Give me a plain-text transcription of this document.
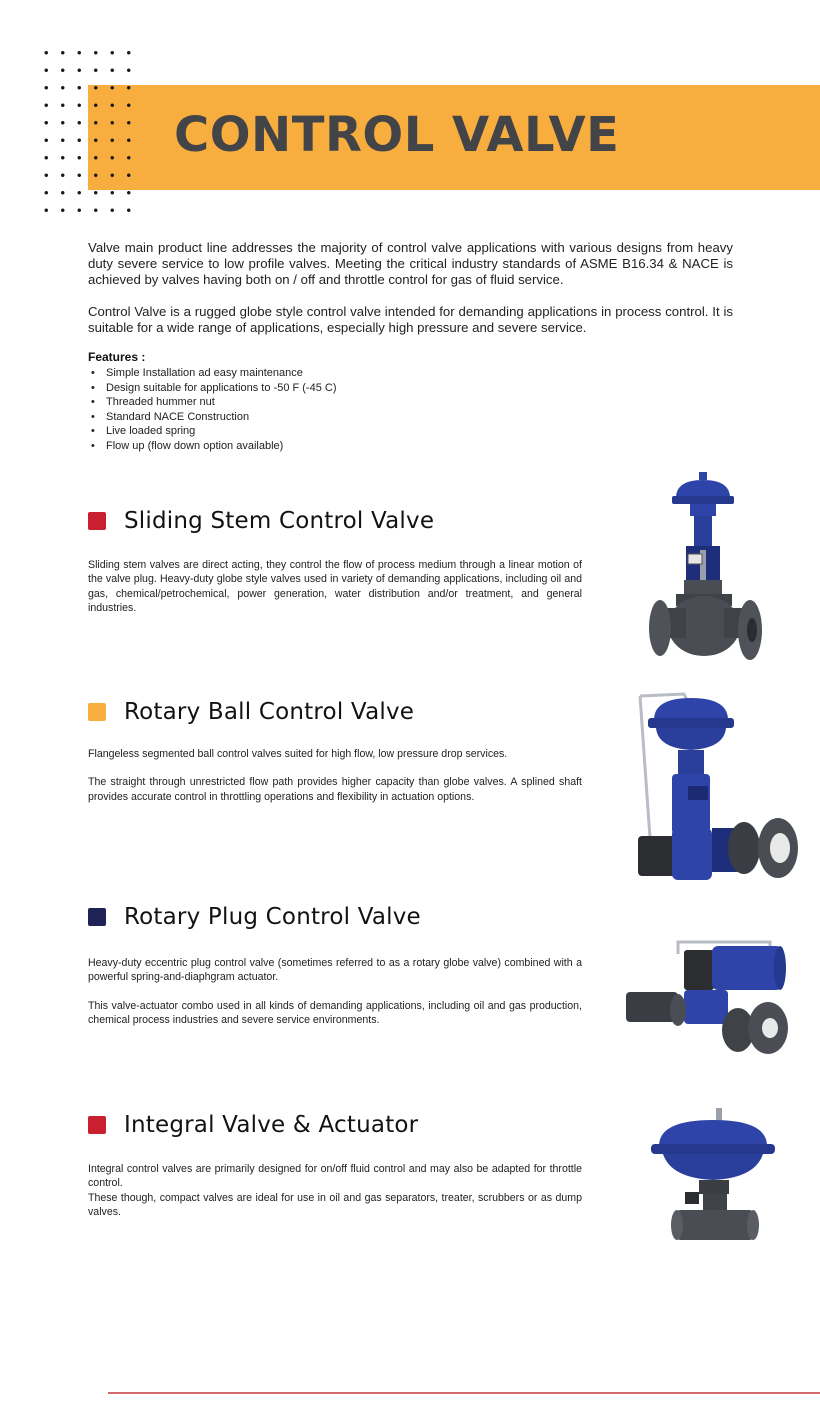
CONTROL VALVE

Valve main product line addresses the majority of control valve applications with various designs from heavy duty severe service to low profile valves. Meeting the critical industry standards of ASME B16.34 & NACE is achieved by valves having both on / off and throttle control for gas of fluid service.

Control Valve is a rugged globe style control valve intended for demanding applications in process control. It is suitable for a wide range of applications, especially high pressure and severe service.

Features :

• Simple Installation ad easy maintenance
• Design suitable for applications to -50 F (-45 C)
• Threaded hummer nut
• Standard NACE Construction
• Live loaded spring
• Flow up (flow down option available)
Sliding Stem Control Valve

Sliding stem valves are direct acting, they control the flow of process medium through a linear motion of the valve plug. Heavy-duty globe style valves used in variety of demanding applications, including oil and gas, chemical/petrochemical, power generation, water distribution and/or treatment, and general industries.

Rotary Ball Control Valve

Flangeless segmented ball control valves suited for high flow, low pressure drop services.

The straight through unrestricted flow path provides higher capacity than globe valves. A splined shaft provides accurate control in throttling operations and flexibility in actuation options.

Rotary Plug Control Valve

Heavy-duty eccentric plug control valve (sometimes referred to as a rotary globe valve) combined with a powerful spring-and-diaphgram actuator.

This valve-actuator combo used in all kinds of demanding applications, including oil and gas production, chemical process industries and severe service environments.

Integral Valve & Actuator

Integral control valves are primarily designed for on/off fluid control and may also be adapted for throttle control.

These though, compact valves are ideal for use in oil and gas separators, treater, scrubbers or as dump valves.
